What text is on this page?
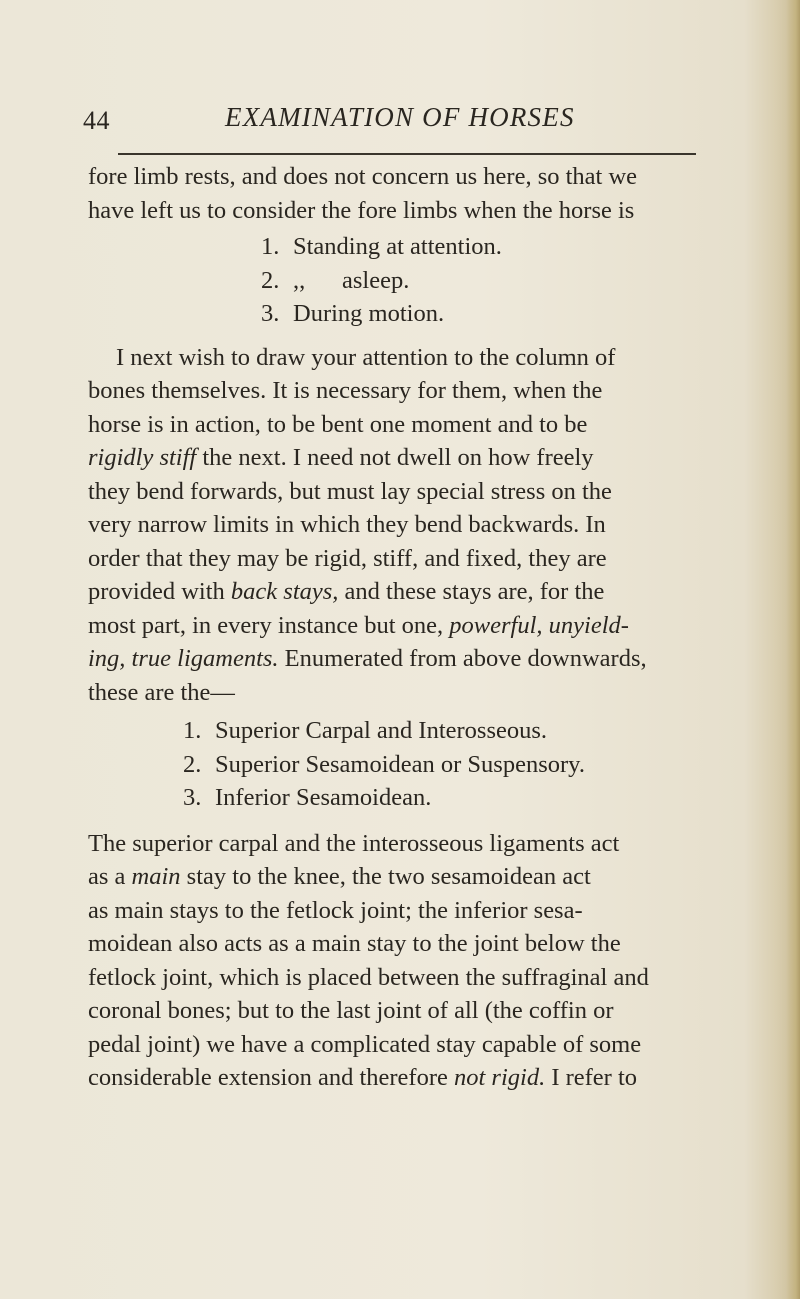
44	EXAMINATION OF HORSES
fore limb rests, and does not concern us here, so that we
have left us to consider the fore limbs when the horse is
1. Standing at attention.
2. ,,      asleep.
3. During motion.
I next wish to draw your attention to the column of
bones themselves. It is necessary for them, when the
horse is in action, to be bent one moment and to be
rigidly stiff the next. I need not dwell on how freely
they bend forwards, but must lay special stress on the
very narrow limits in which they bend backwards. In
order that they may be rigid, stiff, and fixed, they are
provided with back stays, and these stays are, for the
most part, in every instance but one, powerful, unyield-
ing, true ligaments. Enumerated from above downwards,
these are the—
1. Superior Carpal and Interosseous.
2. Superior Sesamoidean or Suspensory.
3. Inferior Sesamoidean.
The superior carpal and the interosseous ligaments act
as a main stay to the knee, the two sesamoidean act
as main stays to the fetlock joint; the inferior sesa-
moidean also acts as a main stay to the joint below the
fetlock joint, which is placed between the suffraginal and
coronal bones; but to the last joint of all (the coffin or
pedal joint) we have a complicated stay capable of some
considerable extension and therefore not rigid. I refer to
